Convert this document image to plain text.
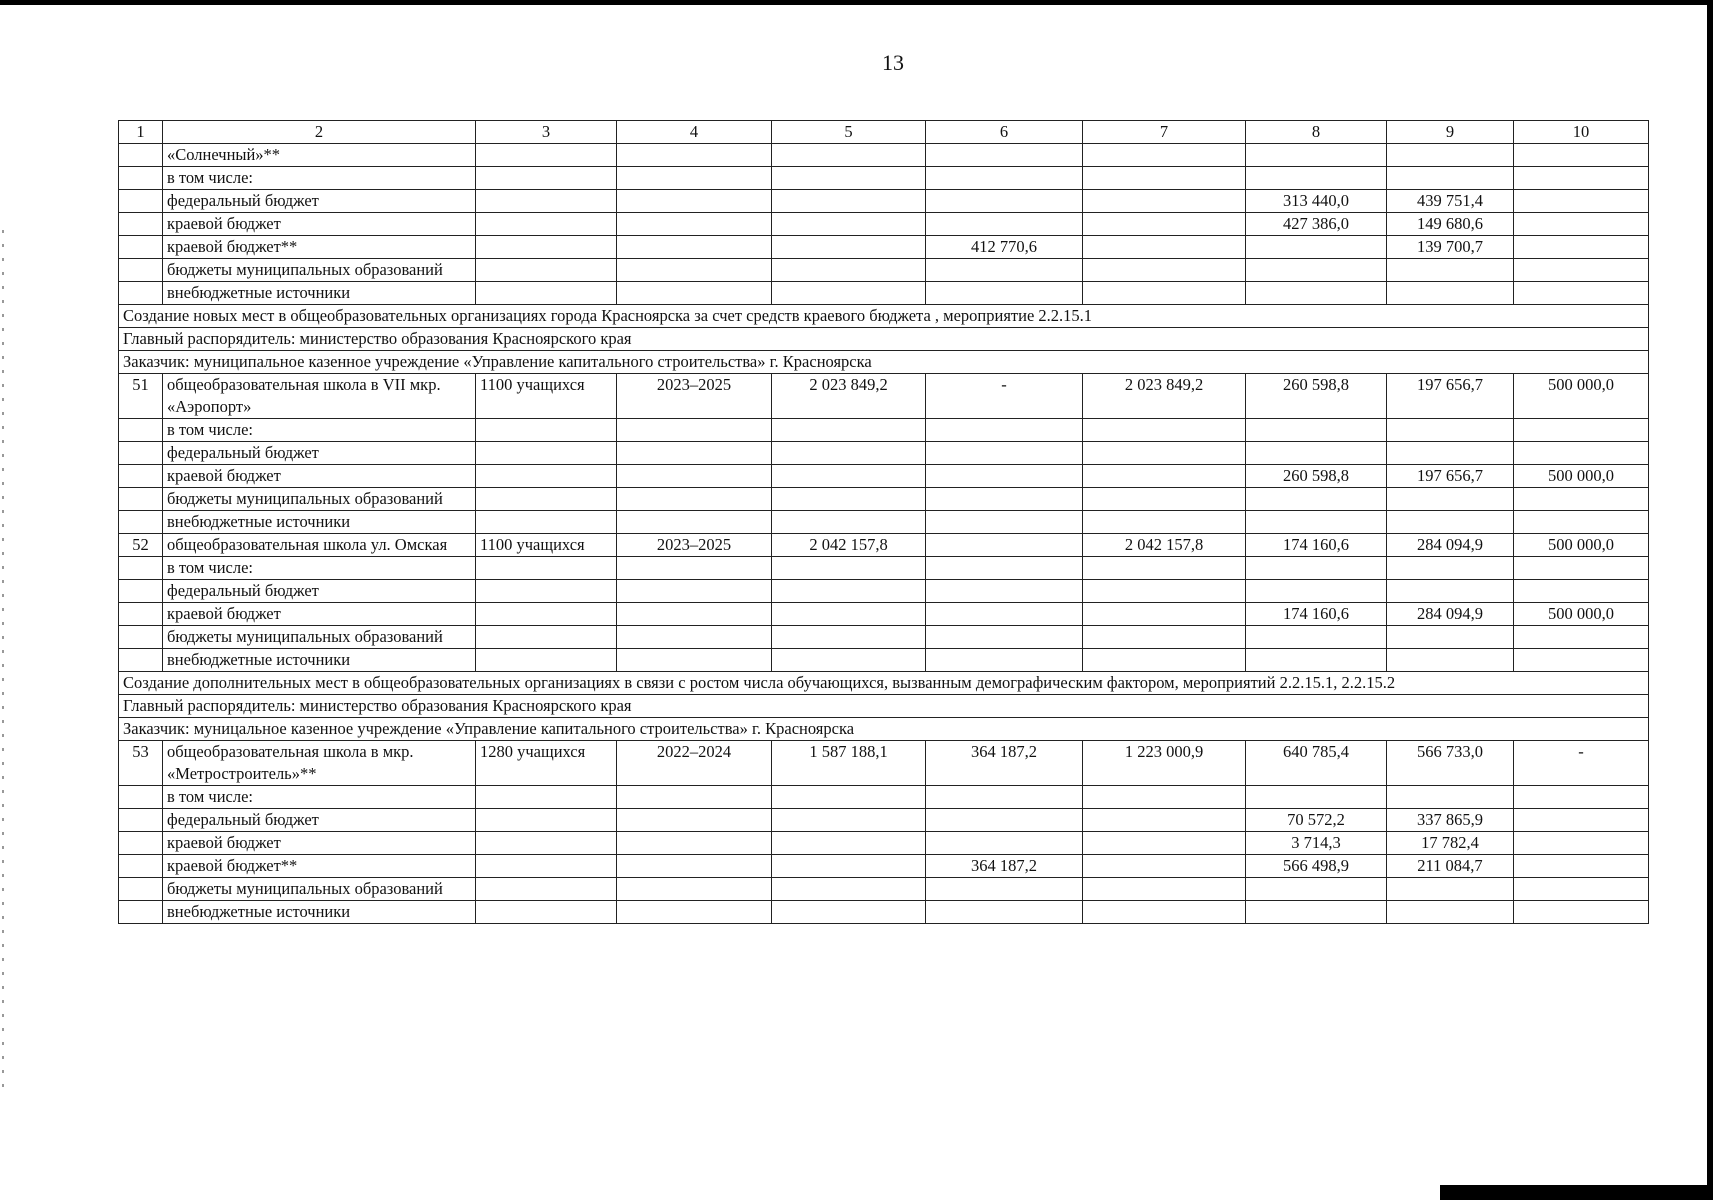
13
1	2	3	4	5	6	7	8	9	10
	«Солнечный»**								
	в том числе:								
	федеральный бюджет						313 440,0	439 751,4	
	краевой бюджет						427 386,0	149 680,6	
	краевой бюджет**				412 770,6			139 700,7	
	бюджеты муниципальных образований								
	внебюджетные источники								
Создание новых мест в общеобразовательных организациях города Красноярска за счет средств краевого бюджета , мероприятие 2.2.15.1									
Главный распорядитель: министерство образования Красноярского края									
Заказчик: муниципальное казенное учреждение «Управление капитального строительства» г. Красноярска									
51	общеобразовательная школа в VII мкр. «Аэропорт»	1100 учащихся	2023–2025	2 023 849,2	-	2 023 849,2	260 598,8	197 656,7	500 000,0
	в том числе:								
	федеральный бюджет								
	краевой бюджет						260 598,8	197 656,7	500 000,0
	бюджеты муниципальных образований								
	внебюджетные источники								
52	общеобразовательная школа ул. Омская	1100 учащихся	2023–2025	2 042 157,8		2 042 157,8	174 160,6	284 094,9	500 000,0
	в том числе:								
	федеральный бюджет								
	краевой бюджет						174 160,6	284 094,9	500 000,0
	бюджеты муниципальных образований								
	внебюджетные источники								
Создание дополнительных мест в общеобразовательных организациях в связи с ростом числа обучающихся, вызванным демографическим фактором, мероприятий 2.2.15.1, 2.2.15.2									
Главный распорядитель: министерство образования Красноярского края									
Заказчик: муницальное казенное учреждение «Управление капитального строительства» г. Красноярска									
53	общеобразовательная школа в мкр. «Метростроитель»**	1280 учащихся	2022–2024	1 587 188,1	364 187,2	1 223 000,9	640 785,4	566 733,0	-
	в том числе:								
	федеральный бюджет						70 572,2	337 865,9	
	краевой бюджет						3 714,3	17 782,4	
	краевой бюджет**				364 187,2		566 498,9	211 084,7	
	бюджеты муниципальных образований								
	внебюджетные источники								
